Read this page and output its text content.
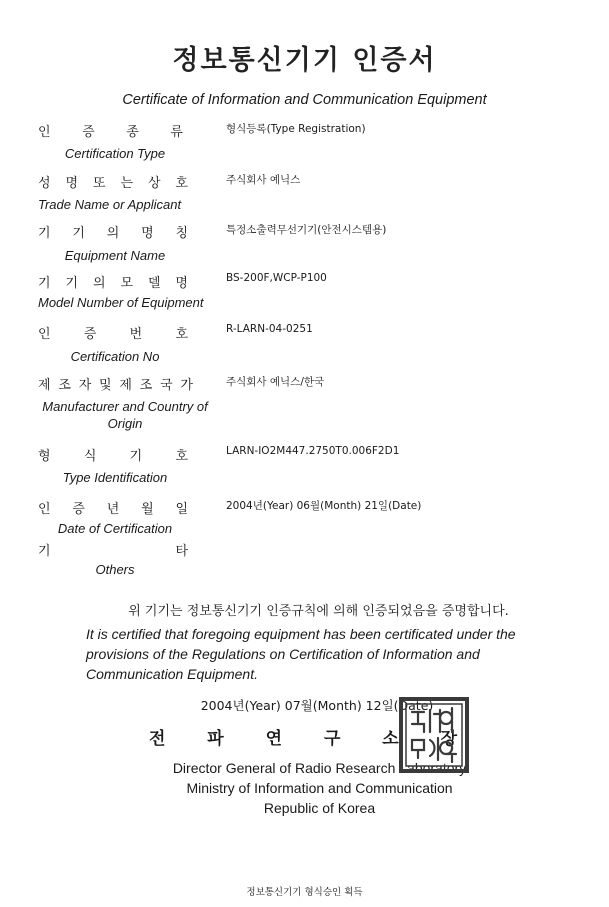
정보통신기기 인증서
Certificate of Information and Communication Equipment
인 증 종 류	형식등록(Type Registration)
Certification Type
성 명 또 는 상 호	주식회사 예닉스
Trade Name or Applicant
기 기 의 명 칭	특정소출력무선기기(안전시스템용)
Equipment Name
기 기 의 모 델 명	BS-200F,WCP-P100
Model Number of Equipment
인	증	번	호	R-LARN-04-0251
Certification No
제 조 자 및 제 조 국 가	주식회사 예닉스/한국
Manufacturer and Country of Origin
형	식	기	호	LARN-IO2M447.2750T0.006F2D1
Type Identification
인 증 년 월 일	2004년(Year) 06월(Month) 21일(Date)
Date of Certification
기	타
Others
위 기기는 정보통신기기 인증규칙에 의해 인증되었음을 증명합니다.
It is certified that foregoing equipment has been certificated under the provisions of the Regulations on Certification of Information and Communication Equipment.
2004년(Year) 07월(Month) 12일(Date)
전 파 연 구 소 장
Director General of Radio Research Laboratory
Ministry of Information and Communication
Republic of Korea
정보통신기기 형식승인 획득
